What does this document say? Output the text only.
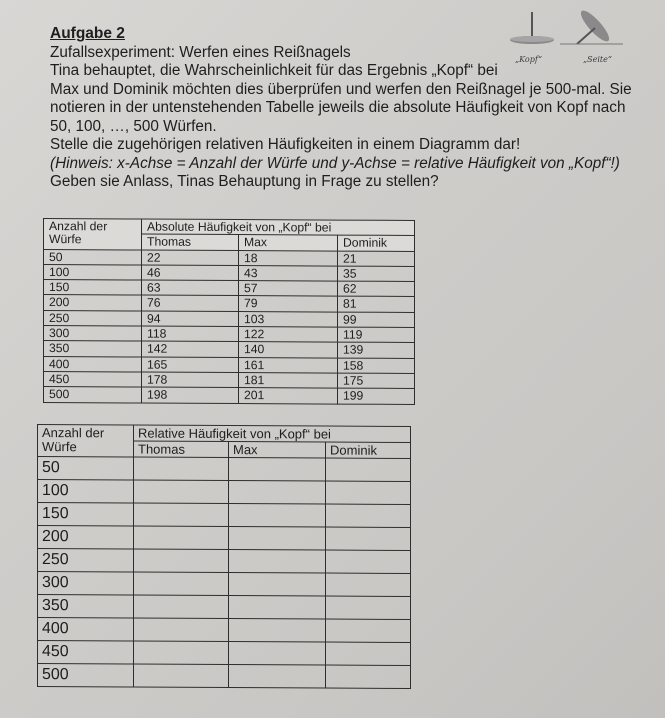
Aufgabe 2
Zufallsexperiment: Werfen eines Reißnagels
Tina behauptet, die Wahrscheinlichkeit für das Ergebnis „Kopf“ bei
Max und Dominik möchten dies überprüfen und werfen den Reißnagel je 500-mal. Sie
notieren in der untenstehenden Tabelle jeweils die absolute Häufigkeit von Kopf nach
50, 100, …, 500 Würfen.
Stelle die zugehörigen relativen Häufigkeiten in einem Diagramm dar!
(Hinweis: x-Achse = Anzahl der Würfe und y-Achse = relative Häufigkeit von „Kopf“!)
Geben sie Anlass, Tinas Behauptung in Frage zu stellen?
„Kopf“	„Seite“
Anzahl der Würfe	Absolute Häufigkeit von „Kopf“ bei		
	Thomas	Max	Dominik
50	22	18	21
100	46	43	35
150	63	57	62
200	76	79	81
250	94	103	99
300	118	122	119
350	142	140	139
400	165	161	158
450	178	181	175
500	198	201	199
Anzahl der Würfe	Relative Häufigkeit von „Kopf“ bei		
	Thomas	Max	Dominik
50			
100			
150			
200			
250			
300			
350			
400			
450			
500			
